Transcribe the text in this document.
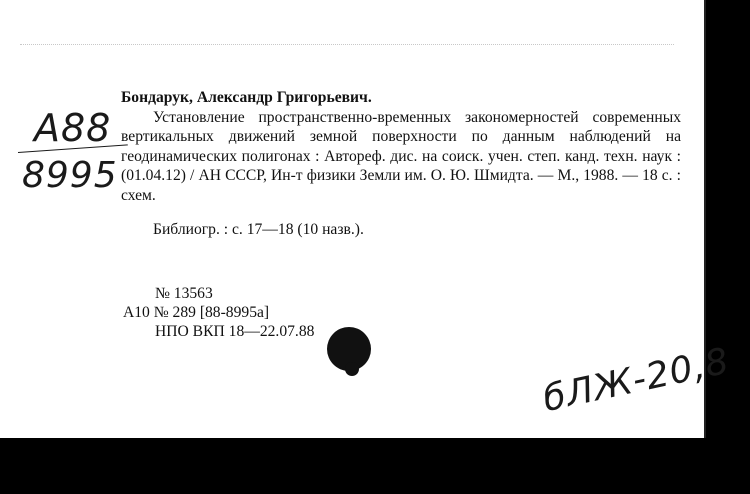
A88
8995
Бондарук, Александр Григорьевич.
Установление пространственно-временных закономерностей современных вертикальных движений земной поверхности по данным наблюдений на геодинамических полигонах : Автореф. дис. на соиск. учен. степ. канд. техн. наук : (01.04.12) / АН СССР, Ин-т физики Земли им. О. Ю. Шмидта. — М., 1988. — 18 с. : схем.
Библиогр. : с. 17—18 (10 назв.).
№ 13563
А10 № 289 [88-8995а]
НПО ВКП 18—22.07.88
бЛЖ-20,8
